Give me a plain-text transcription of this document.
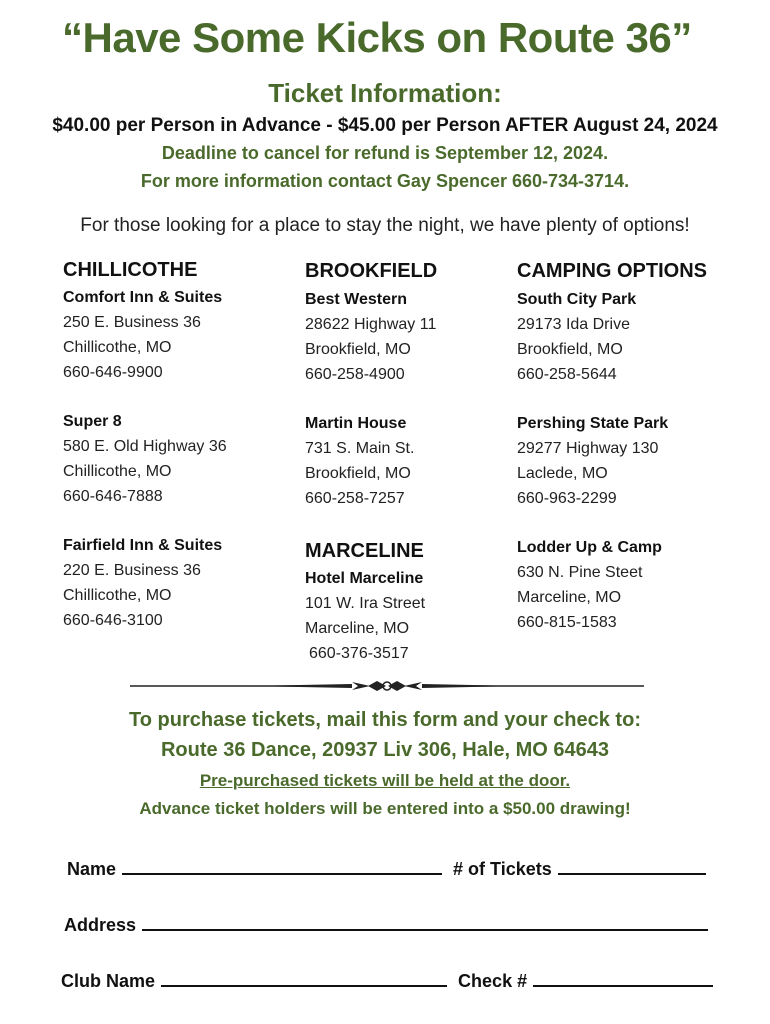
“Have Some Kicks on Route 36”
Ticket Information:
$40.00 per Person in Advance - $45.00 per Person AFTER August 24, 2024
Deadline to cancel for refund is September 12, 2024.
For more information contact Gay Spencer 660-734-3714.
For those looking for a place to stay the night, we have plenty of options!
CHILLICOTHE
Comfort Inn & Suites
250 E. Business 36
Chillicothe, MO
660-646-9900
Super 8
580 E. Old Highway 36
Chillicothe, MO
660-646-7888
Fairfield Inn & Suites
220 E. Business 36
Chillicothe, MO
660-646-3100
BROOKFIELD
Best Western
28622 Highway 11
Brookfield, MO
660-258-4900
Martin House
731 S. Main St.
Brookfield, MO
660-258-7257
MARCELINE
Hotel Marceline
101 W. Ira Street
Marceline, MO
660-376-3517
CAMPING OPTIONS
South City Park
29173 Ida Drive
Brookfield, MO
660-258-5644
Pershing State Park
29277 Highway 130
Laclede, MO
660-963-2299
Lodder Up & Camp
630 N. Pine Steet
Marceline, MO
660-815-1583
To purchase tickets, mail this form and your check to:
Route 36 Dance, 20937 Liv 306, Hale, MO 64643
Pre-purchased tickets will be held at the door.
Advance ticket holders will be entered into a $50.00 drawing!
Name	# of Tickets
Address
Club Name	Check #
